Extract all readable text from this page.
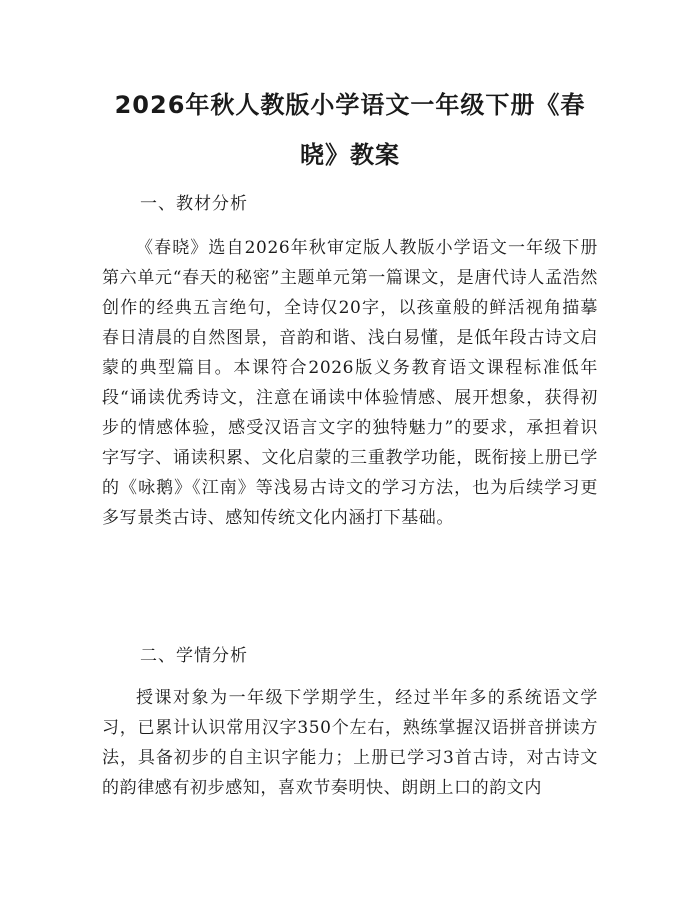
2026年秋人教版小学语文一年级下册《春晓》教案
一、教材分析

《春晓》选自2026年秋审定版人教版小学语文一年级下册第六单元“春天的秘密”主题单元第一篇课文，是唐代诗人孟浩然创作的经典五言绝句，全诗仅20字，以孩童般的鲜活视角描摹春日清晨的自然图景，音韵和谐、浅白易懂，是低年段古诗文启蒙的典型篇目。本课符合2026版义务教育语文课程标准低年段“诵读优秀诗文，注意在诵读中体验情感、展开想象，获得初步的情感体验，感受汉语言文字的独特魅力”的要求，承担着识字写字、诵读积累、文化启蒙的三重教学功能，既衔接上册已学的《咏鹅》《江南》等浅易古诗文的学习方法，也为后续学习更多写景类古诗、感知传统文化内涵打下基础。

二、学情分析

授课对象为一年级下学期学生，经过半年多的系统语文学习，已累计认识常用汉字350个左右，熟练掌握汉语拼音拼读方法，具备初步的自主识字能力；上册已学习3首古诗，对古诗文的韵律感有初步感知，喜欢节奏明快、朗朗上口的韵文内
